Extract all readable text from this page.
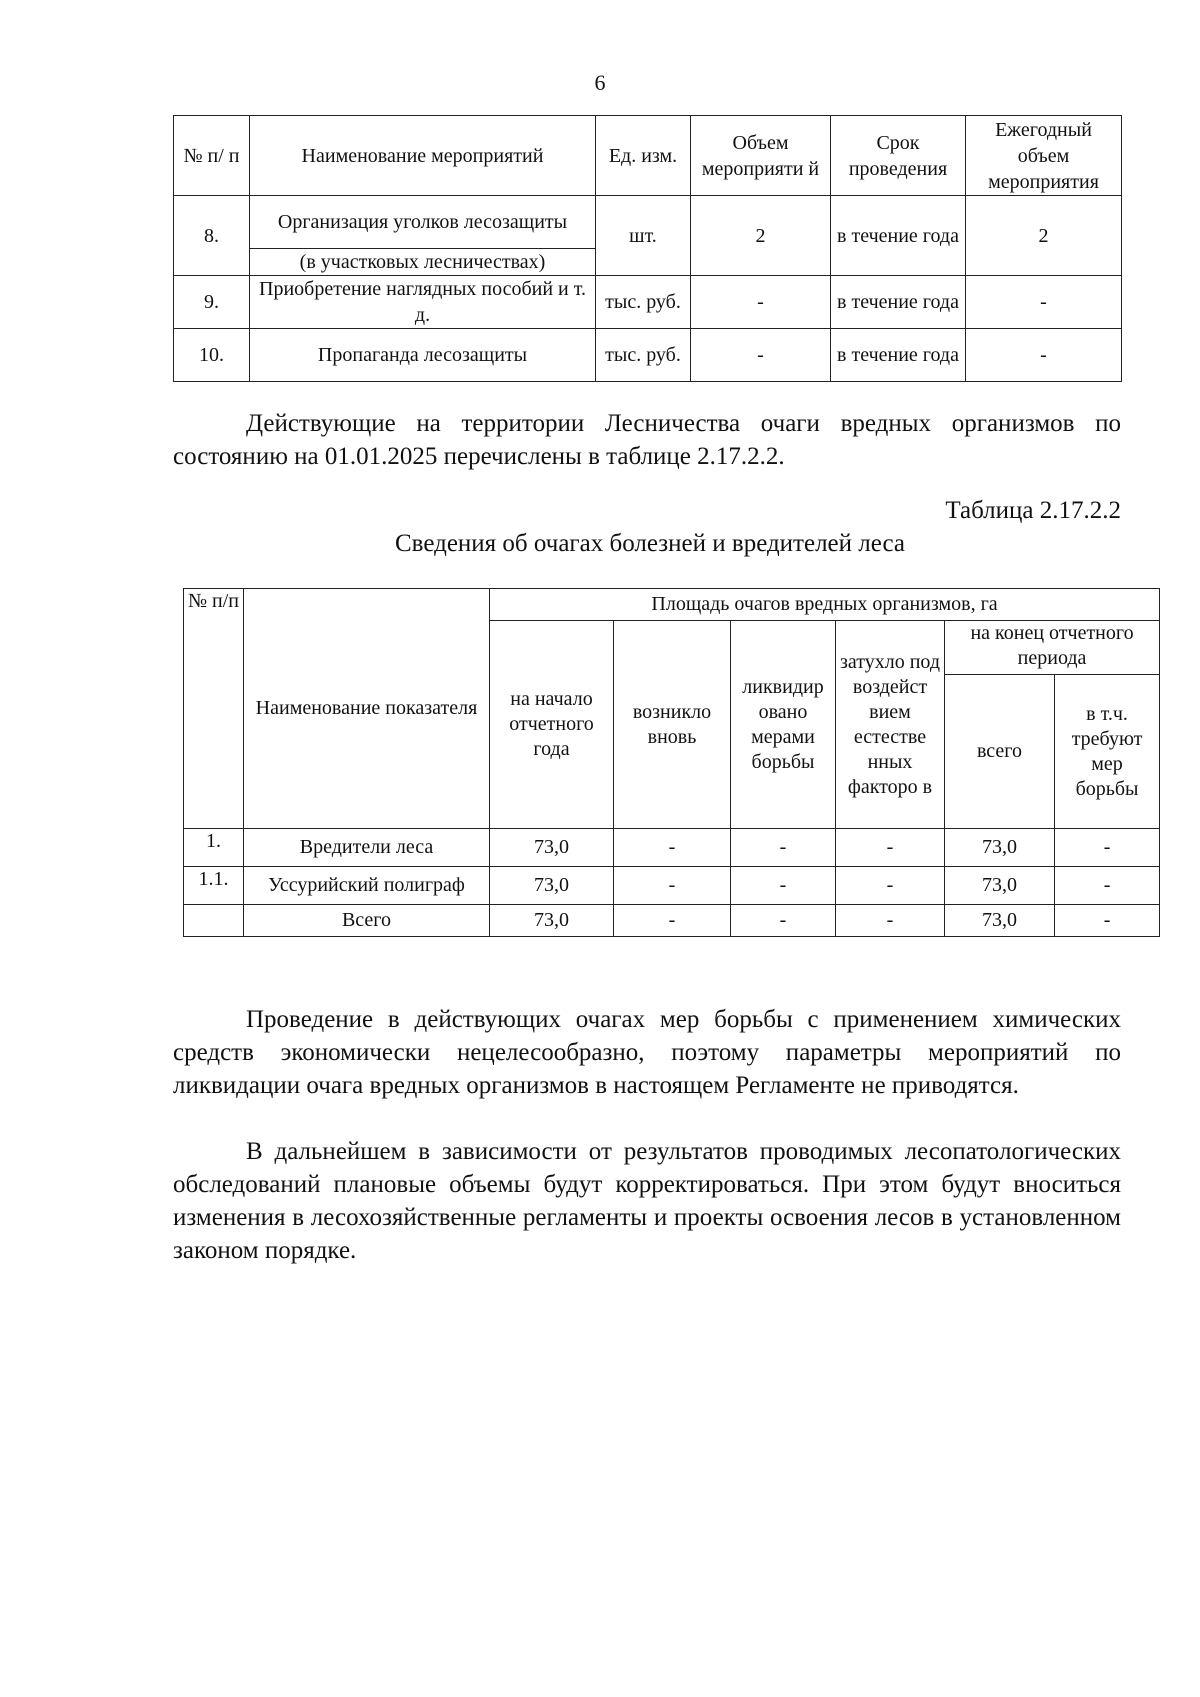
6
№ п/ п	Наименование мероприятий	Ед. изм.	Объем мероприяти й	Срок проведения	Ежегодный объем мероприятия
8.	Организация уголков лесозащиты	шт.	2	в течение года	2
	(в участковых лесничествах)				
9.	Приобретение наглядных пособий и т. д.	тыс. руб.	-	в течение года	-
10.	Пропаганда лесозащиты	тыс. руб.	-	в течение года	-

Действующие на территории Лесничества очаги вредных организмов по состоянию на 01.01.2025 перечислены в таблице 2.17.2.2.

Таблица 2.17.2.2
Сведения об очагах болезней и вредителей леса
№ п/п	Наименование показателя	Площадь очагов вредных организмов, га					
		на начало отчетного года	возникло вновь	ликвидир овано мерами борьбы	затухло под воздейст вием естестве нных факторо в	на конец отчетного периода	
						всего	в т.ч. требуют мер борьбы
1.	Вредители леса	73,0	-	-	-	73,0	-
1.1.	Уссурийский полиграф	73,0	-	-	-	73,0	-
	Всего	73,0	-	-	-	73,0	-

Проведение в действующих очагах мер борьбы с применением химических средств экономически нецелесообразно, поэтому параметры мероприятий по ликвидации очага вредных организмов в настоящем Регламенте не приводятся.

В дальнейшем в зависимости от результатов проводимых лесопатологических обследований плановые объемы будут корректироваться. При этом будут вноситься изменения в лесохозяйственные регламенты и проекты освоения лесов в установленном законом порядке.
